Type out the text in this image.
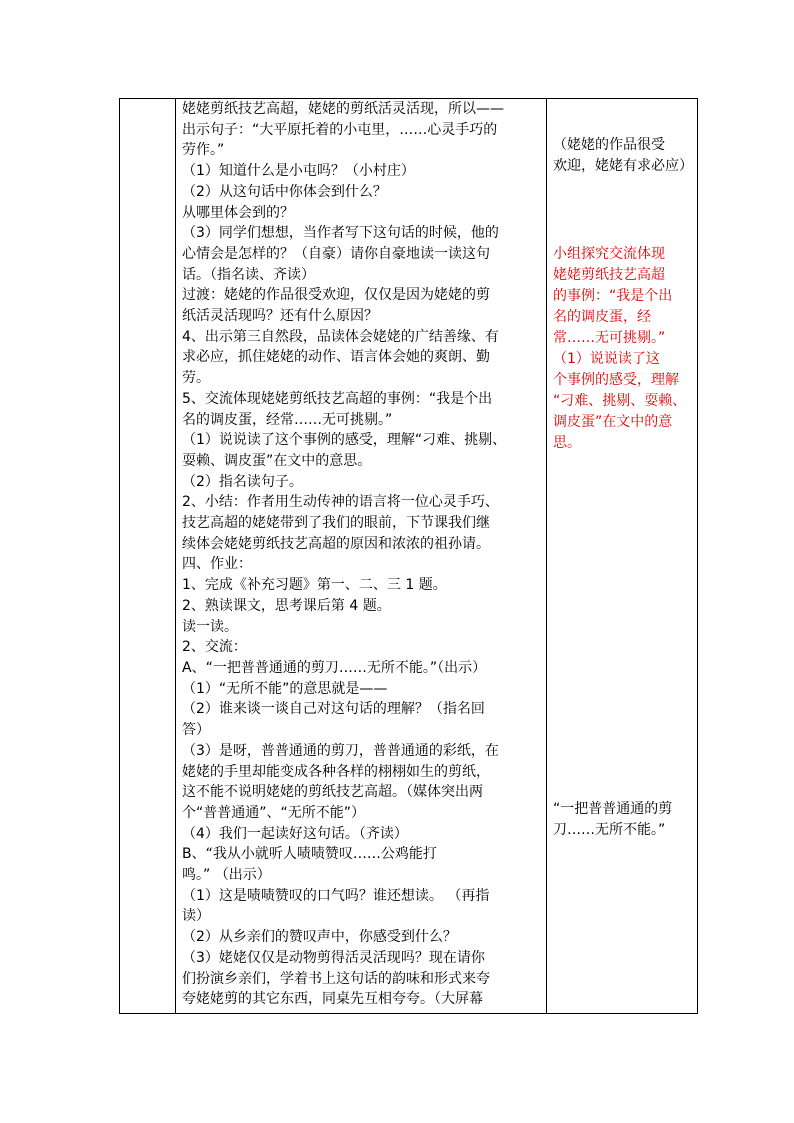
姥姥剪纸技艺高超，姥姥的剪纸活灵活现，所以——
出示句子：“大平原托着的小屯里，……心灵手巧的
劳作。”
（1）知道什么是小屯吗？（小村庄）
（2）从这句话中你体会到什么？
从哪里体会到的？
（3）同学们想想，当作者写下这句话的时候，他的
心情会是怎样的？（自豪）请你自豪地读一读这句
话。（指名读、齐读）
过渡：姥姥的作品很受欢迎，仅仅是因为姥姥的剪
纸活灵活现吗？还有什么原因？
4、出示第三自然段，品读体会姥姥的广结善缘、有
求必应，抓住姥姥的动作、语言体会她的爽朗、勤
劳。
5、交流体现姥姥剪纸技艺高超的事例：“我是个出
名的调皮蛋，经常……无可挑剔。”
（1）说说读了这个事例的感受，理解“刁难、挑剔、
耍赖、调皮蛋”在文中的意思。
（2）指名读句子。
2、小结：作者用生动传神的语言将一位心灵手巧、
技艺高超的姥姥带到了我们的眼前，下节课我们继
续体会姥姥剪纸技艺高超的原因和浓浓的祖孙请。
四、作业：
1、完成《补充习题》第一、二、三 1 题。
2、熟读课文，思考课后第 4 题。
读一读。
2、交流：
A、“一把普普通通的剪刀……无所不能。”（出示）
（1）“无所不能”的意思就是——
（2）谁来谈一谈自己对这句话的理解？（指名回
答）
（3）是呀，普普通通的剪刀，普普通通的彩纸，在
姥姥的手里却能变成各种各样的栩栩如生的剪纸，
这不能不说明姥姥的剪纸技艺高超。（媒体突出两
个“普普通通”、“无所不能”）
（4）我们一起读好这句话。（齐读）
B、“我从小就听人啧啧赞叹……公鸡能打
鸣。” （出示）
（1）这是啧啧赞叹的口气吗？谁还想读。 （再指
读）
（2）从乡亲们的赞叹声中，你感受到什么？
（3）姥姥仅仅是动物剪得活灵活现吗？现在请你
们扮演乡亲们，学着书上这句话的韵味和形式来夸
夸姥姥剪的其它东西，同桌先互相夸夸。（大屏幕
（姥姥的作品很受
欢迎，姥姥有求必应）
小组探究交流体现
姥姥剪纸技艺高超
的事例：“我是个出
名的调皮蛋，经
常……无可挑剔。”
（1）说说读了这
个事例的感受，理解
“刁难、挑剔、耍赖、
调皮蛋”在文中的意
思。
“一把普普通通的剪
刀……无所不能。”
